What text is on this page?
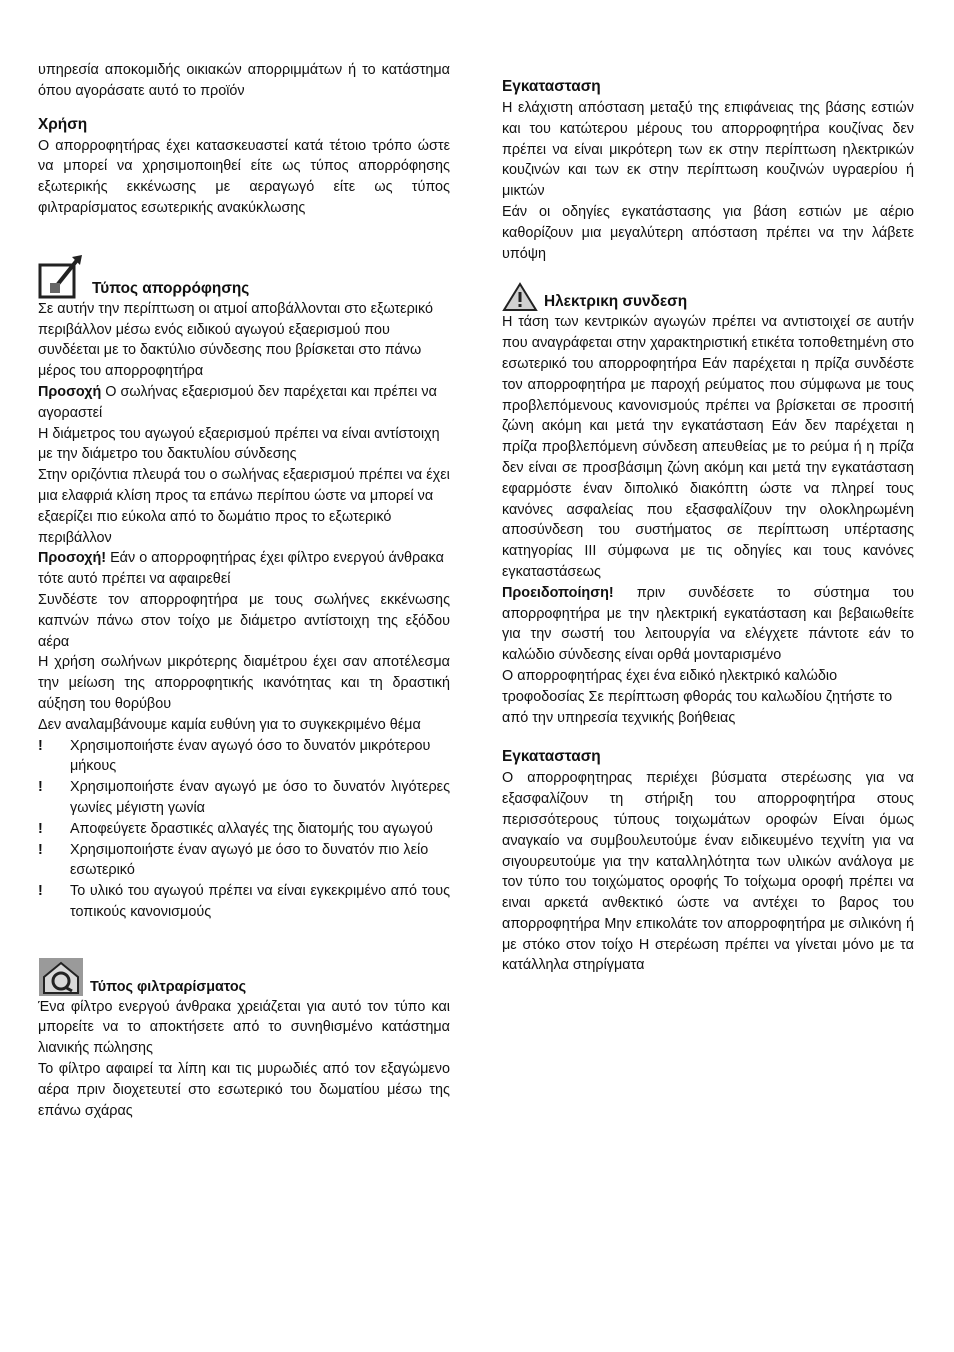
υπηρεσία αποκομιδής οικιακών απορριμμάτων ή το κατάστημα όπου αγοράσατε αυτό το προϊόν

Χρήση

Ο απορροφητήρας έχει κατασκευαστεί κατά τέτοιο τρόπο ώστε να μπορεί να χρησιμοποιηθεί είτε ως τύπος απορρόφησης εξωτερικής εκκένωσης με αεραγωγό είτε ως τύπος φιλτραρίσματος εσωτερικής ανακύκλωσης

Τύπος απορρόφησης

Σε αυτήν την περίπτωση οι ατμοί αποβάλλονται στο εξωτερικό περιβάλλον μέσω ενός ειδικού αγωγού εξαερισμού που συνδέεται με το δακτύλιο σύνδεσης που βρίσκεται στο πάνω μέρος του απορροφητήρα

Προσοχή Ο σωλήνας εξαερισμού δεν παρέχεται και πρέπει να αγοραστεί

Η διάμετρος του αγωγού εξαερισμού πρέπει να είναι αντίστοιχη με την διάμετρο του δακτυλίου σύνδεσης

Στην οριζόντια πλευρά του ο σωλήνας εξαερισμού πρέπει να έχει μια ελαφριά κλίση προς τα επάνω περίπου ώστε να μπορεί να εξαερίζει πιο εύκολα από το δωμάτιο προς το εξωτερικό περιβάλλον

Προσοχή! Εάν ο απορροφητήρας έχει φίλτρο ενεργού άνθρακα τότε αυτό πρέπει να αφαιρεθεί

Συνδέστε τον απορροφητήρα με τους σωλήνες εκκένωσης καπνών πάνω στον τοίχο με διάμετρο αντίστοιχη της εξόδου αέρα

Η χρήση σωλήνων μικρότερης διαμέτρου έχει σαν αποτέλεσμα την μείωση της απορροφητικής ικανότητας και τη δραστική αύξηση του θορύβου

Δεν αναλαμβάνουμε καμία ευθύνη για το συγκεκριμένο θέμα

!	Χρησιμοποιήστε έναν αγωγό όσο το δυνατόν μικρότερου μήκους

!	Χρησιμοποιήστε έναν αγωγό με όσο το δυνατόν λιγότερες γωνίες μέγιστη γωνία

!	Αποφεύγετε δραστικές αλλαγές της διατομής του αγωγού

!	Χρησιμοποιήστε έναν αγωγό με όσο το δυνατόν πιο λείο εσωτερικό

!	Το υλικό του αγωγού πρέπει να είναι εγκεκριμένο από τους τοπικούς κανονισμούς

Τύπος φιλτραρίσματος

Ένα φίλτρο ενεργού άνθρακα χρειάζεται για αυτό τον τύπο και μπορείτε να το αποκτήσετε από το συνηθισμένο κατάστημα λιανικής πώλησης

Το φίλτρο αφαιρεί τα λίπη και τις μυρωδιές από τον εξαγώμενο αέρα πριν διοχετευτεί στο εσωτερικό του δωματίου μέσω της επάνω σχάρας

Εγκατασταση

Η ελάχιστη απόσταση μεταξύ της επιφάνειας της βάσης εστιών και του κατώτερου μέρους του απορροφητήρα κουζίνας δεν πρέπει να είναι μικρότερη των εκ στην περίπτωση ηλεκτρικών κουζινών και των εκ στην περίπτωση κουζινών υγραερίου ή μικτών

Εάν οι οδηγίες εγκατάστασης για βάση εστιών με αέριο καθορίζουν μια μεγαλύτερη απόσταση πρέπει να την λάβετε υπόψη

Ηλεκτρικη συνδεση

Η τάση των κεντρικών αγωγών πρέπει να αντιστοιχεί σε αυτήν που αναγράφεται στην χαρακτηριστική ετικέτα τοποθετημένη στο εσωτερικό του απορροφητήρα Εάν παρέχεται η πρίζα συνδέστε τον απορροφητήρα με παροχή ρεύματος που σύμφωνα με τους προβλεπόμενους κανονισμούς πρέπει να βρίσκεται σε προσιτή ζώνη ακόμη και μετά την εγκατάσταση Εάν δεν παρέχεται η πρίζα προβλεπόμενη σύνδεση απευθείας με το ρεύμα ή η πρίζα δεν είναι σε προσβάσιμη ζώνη ακόμη και μετά την εγκατάσταση εφαρμόστε έναν διπολικό διακόπτη ώστε να πληρεί τους κανόνες ασφαλείας που εξασφαλίζουν την ολοκληρωμένη αποσύνδεση του συστήματος σε περίπτωση υπέρτασης κατηγορίας III σύμφωνα με τις οδηγίες και τους κανόνες εγκαταστάσεως

Προειδοποίηση! πριν συνδέσετε το σύστημα του απορροφητήρα με την ηλεκτρική εγκατάσταση και βεβαιωθείτε για την σωστή του λειτουργία να ελέγχετε πάντοτε εάν το καλώδιο σύνδεσης είναι ορθά μονταρισμένο

Ο απορροφητήρας έχει ένα ειδικό ηλεκτρικό καλώδιο τροφοδοσίας Σε περίπτωση φθοράς του καλωδίου ζητήστε το από την υπηρεσία τεχνικής βοήθειας

Εγκατασταση

Ο απορροφητηρας περιέχει βύσματα στερέωσης για να εξασφαλίζουν τη στήριξη του απορροφητήρα στους περισσότερους τύπους τοιχωμάτων οροφών Είναι όμως αναγκαίο να συμβουλευτούμε έναν ειδικευμένο τεχνίτη για να σιγουρευτούμε για την καταλληλότητα των υλικών ανάλογα με τον τύπο του τοιχώματος οροφής Το τοίχωμα οροφή πρέπει να ειναι αρκετά ανθεκτικό ώστε να αντέχει το βαρος του απορροφητήρα Μην επικολάτε τον απορροφητήρα με σιλικόνη ή με στόκο στον τοίχο Η στερέωση πρέπει να γίνεται μόνο με τα κατάλληλα στηρίγματα
